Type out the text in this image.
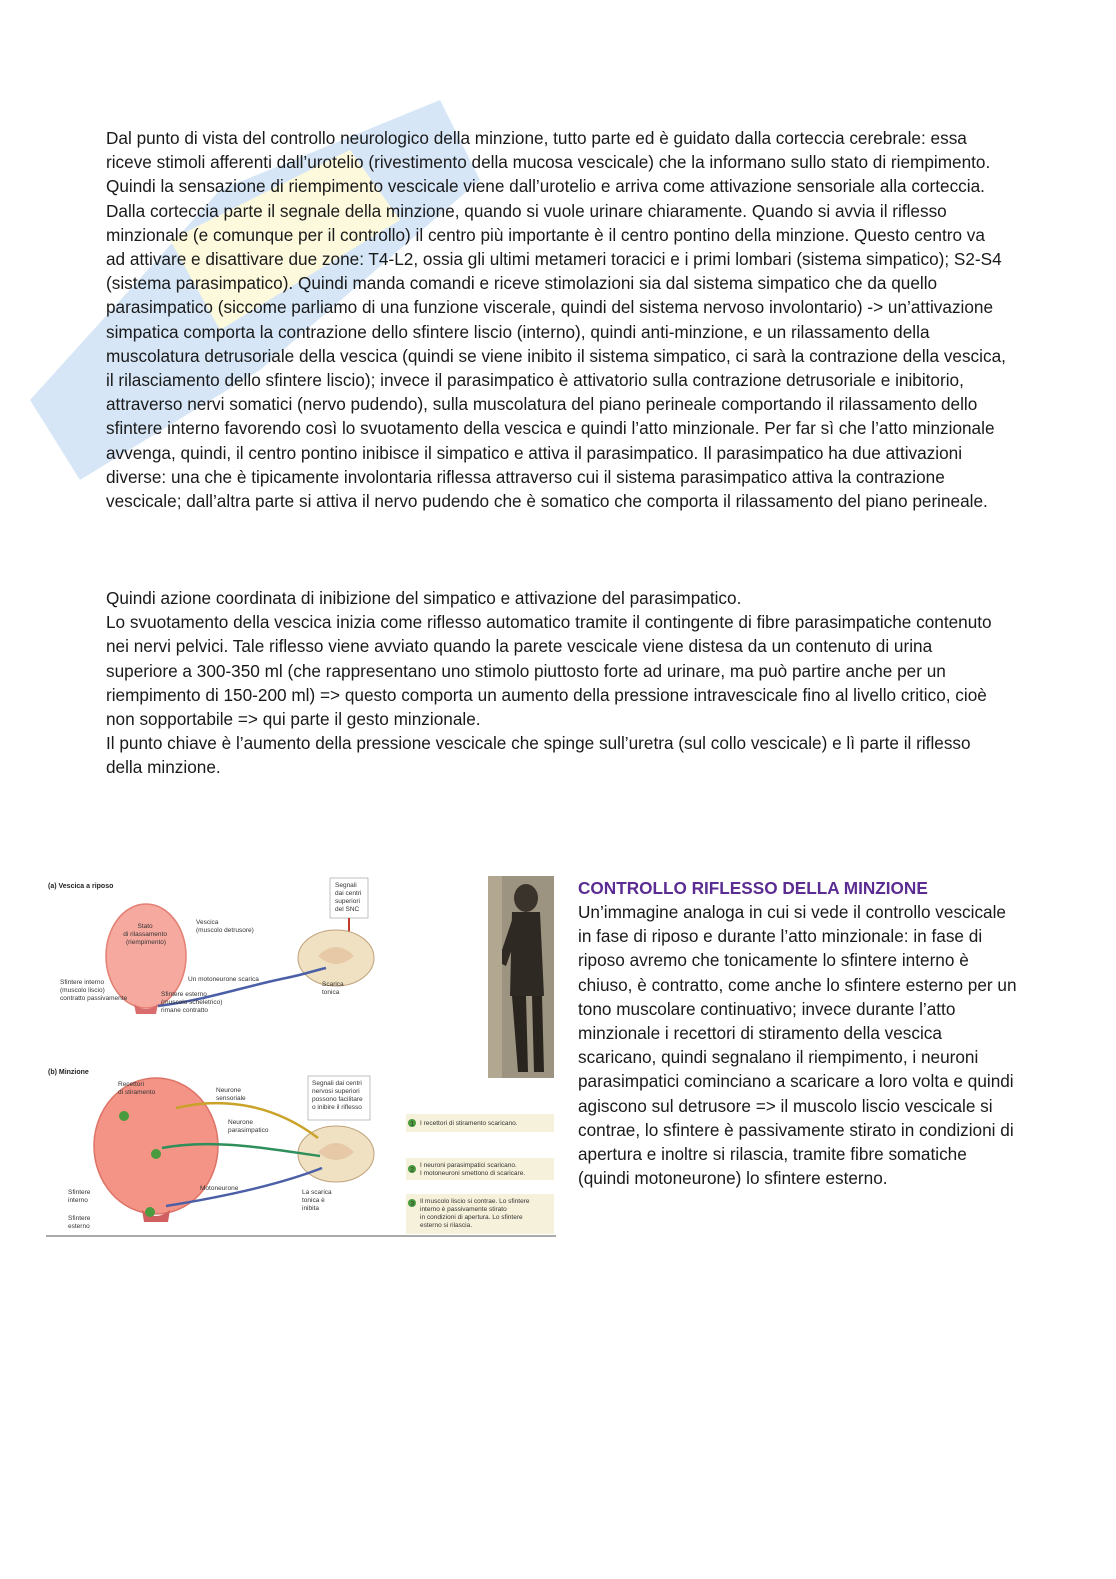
Dal punto di vista del controllo neurologico della minzione, tutto parte ed è guidato dalla corteccia cerebrale: essa riceve stimoli afferenti dall’urotelio (rivestimento della mucosa vescicale) che la informano sullo stato di riempimento. Quindi la sensazione di riempimento vescicale viene dall’urotelio e arriva come attivazione sensoriale alla corteccia. Dalla corteccia parte il segnale della minzione, quando si vuole urinare chiaramente. Quando si avvia il riflesso minzionale (e comunque per il controllo) il centro più importante è il centro pontino della minzione. Questo centro va ad attivare e disattivare due zone: T4-L2, ossia gli ultimi metameri toracici e i primi lombari (sistema simpatico); S2-S4 (sistema parasimpatico). Quindi manda comandi e riceve stimolazioni sia dal sistema simpatico che da quello parasimpatico (siccome parliamo di una funzione viscerale, quindi del sistema nervoso involontario) -> un’attivazione simpatica comporta la contrazione dello sfintere liscio (interno), quindi anti-minzione, e un rilassamento della muscolatura detrusoriale della vescica (quindi se viene inibito il sistema simpatico, ci sarà la contrazione della vescica, il rilasciamento dello sfintere liscio); invece il parasimpatico è attivatorio sulla contrazione detrusoriale e inibitorio, attraverso nervi somatici (nervo pudendo), sulla muscolatura del piano perineale comportando il rilassamento dello sfintere interno favorendo così lo svuotamento della vescica e quindi l’atto minzionale. Per far sì che l’atto minzionale avvenga, quindi, il centro pontino inibisce il simpatico e attiva il parasimpatico. Il parasimpatico ha due attivazioni diverse: una che è tipicamente involontaria riflessa attraverso cui il sistema parasimpatico attiva la contrazione vescicale; dall’altra parte si attiva il nervo pudendo che è somatico che comporta il rilassamento del piano perineale.

Quindi azione coordinata di inibizione del simpatico e attivazione del parasimpatico.
Lo svuotamento della vescica inizia come riflesso automatico tramite il contingente di fibre parasimpatiche contenuto nei nervi pelvici. Tale riflesso viene avviato quando la parete vescicale viene distesa da un contenuto di urina superiore a 300-350 ml (che rappresentano uno stimolo piuttosto forte ad urinare, ma può partire anche per un riempimento di 150-200 ml) => questo comporta un aumento della pressione intravescicale fino al livello critico, cioè non sopportabile => qui parte il gesto minzionale.
Il punto chiave è l’aumento della pressione vescicale che spinge sull’uretra (sul collo vescicale) e lì parte il riflesso della minzione.

(a) Vescica a riposo
Stato di rilassamento (riempimento)
Vescica (muscolo detrusore)
Segnali dai centri superiori del SNC
Scarica tonica
Un motoneurone scarica
Sfintere interno (muscolo liscio) contratto passivamente
Sfintere esterno (muscolo scheletrico) rimane contratto
(b) Minzione
Recettori di stiramento	Neurone sensoriale
Neurone parasimpatico
Motoneurone
Segnali dai centri nervosi superiori possono facilitare o inibire il riflesso
La scarica tonica è inibita
Sfintere interno
Sfintere esterno
1 I recettori di stiramento scaricano.
2
I neuroni parasimpatici scaricano. I motoneuroni smettono di scaricare.
3 Il muscolo liscio si contrae. Lo sfintere interno è passivamente stirato in condizioni di apertura. Lo sfintere esterno si rilascia.

CONTROLLO RIFLESSO DELLA MINZIONE

Un’immagine analoga in cui si vede il controllo vescicale in fase di riposo e durante l’atto minzionale: in fase di riposo avremo che tonicamente lo sfintere interno è chiuso, è contratto, come anche lo sfintere esterno per un tono muscolare continuativo; invece durante l’atto minzionale i recettori di stiramento della vescica scaricano, quindi segnalano il riempimento, i neuroni parasimpatici cominciano a scaricare a loro volta e quindi agiscono sul detrusore => il muscolo liscio vescicale si contrae, lo sfintere è passivamente stirato in condizioni di apertura e inoltre si rilascia, tramite fibre somatiche (quindi motoneurone) lo sfintere esterno.
